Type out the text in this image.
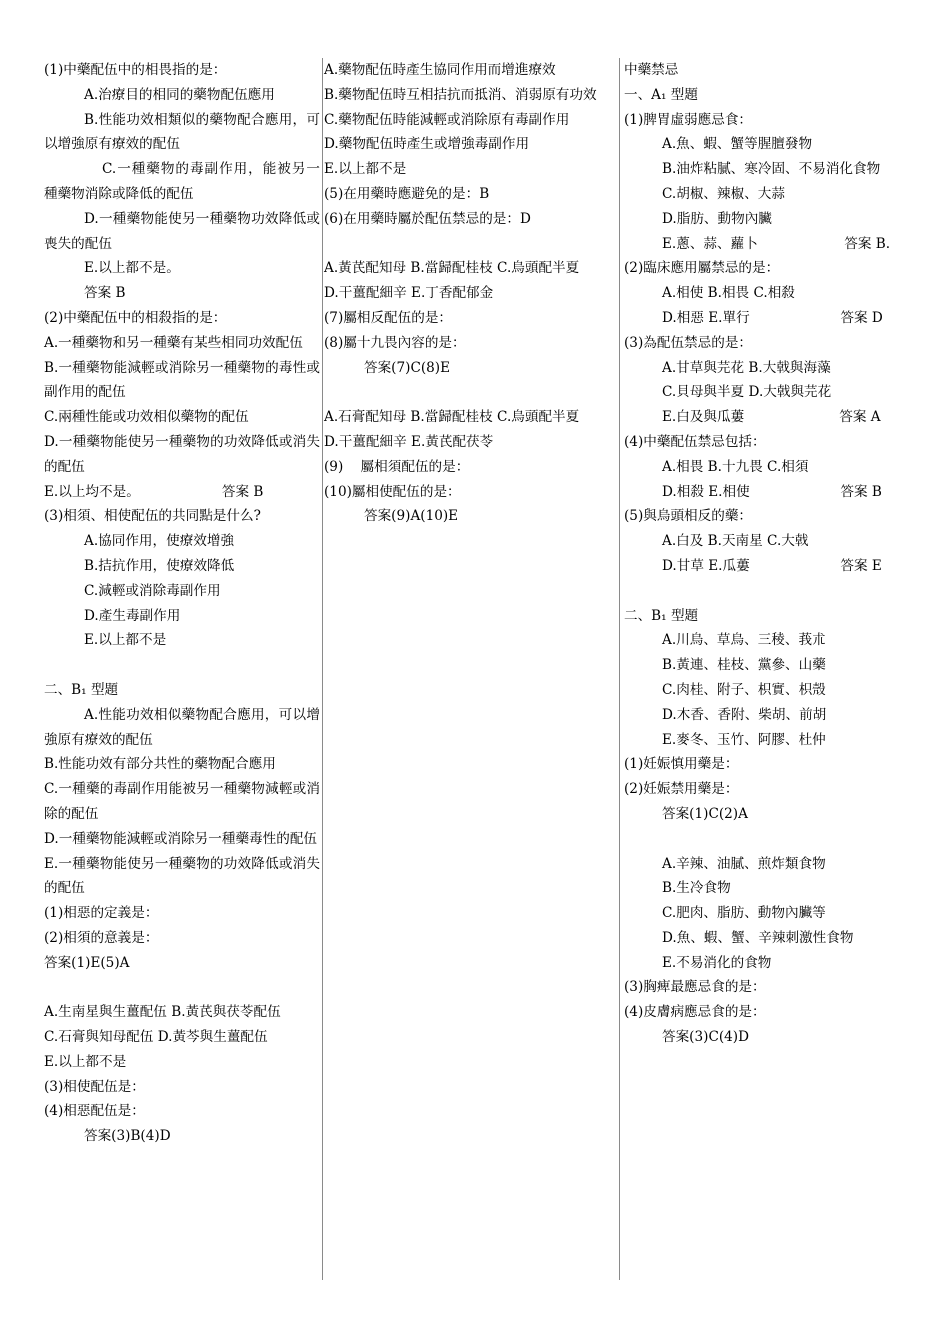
(1)中藥配伍中的相畏指的是：
A.治療目的相同的藥物配伍應用
B.性能功效相類似的藥物配合應用，可以增強原有療效的配伍
C.一種藥物的毒副作用，能被另一種藥物消除或降低的配伍
D.一種藥物能使另一種藥物功效降低或喪失的配伍
E.以上都不是。
答案 B
(2)中藥配伍中的相殺指的是：
A.一種藥物和另一種藥有某些相同功效配伍
B.一種藥物能減輕或消除另一種藥物的毒性或副作用的配伍
C.兩種性能或功效相似藥物的配伍
D.一種藥物能使另一種藥物的功效降低或消失的配伍
E.以上均不是。                   答案 B
(3)相須、相使配伍的共同點是什么?
A.協同作用，使療效增強
B.拮抗作用，使療效降低
C.減輕或消除毒副作用
D.產生毒副作用
E.以上都不是
二、B₁ 型題
A.性能功效相似藥物配合應用，可以增強原有療效的配伍
B.性能功效有部分共性的藥物配合應用
C.一種藥的毒副作用能被另一種藥物減輕或消除的配伍
D.一種藥物能減輕或消除另一種藥毒性的配伍
E.一種藥物能使另一種藥物的功效降低或消失的配伍
(1)相惡的定義是：
(2)相須的意義是：
答案(1)E(5)A
A.生南星與生薑配伍 B.黃芪與茯苓配伍
C.石膏與知母配伍 D.黃芩與生薑配伍
E.以上都不是
(3)相使配伍是：
(4)相惡配伍是：
答案(3)B(4)D
A.藥物配伍時產生協同作用而增進療效
B.藥物配伍時互相拮抗而抵消、消弱原有功效
C.藥物配伍時能減輕或消除原有毒副作用
D.藥物配伍時產生或增強毒副作用
E.以上都不是
(5)在用藥時應避免的是：B
(6)在用藥時屬於配伍禁忌的是：D
A.黃芪配知母 B.當歸配桂枝 C.烏頭配半夏
D.干薑配細辛 E.丁香配郁金
(7)屬相反配伍的是：
(8)屬十九畏內容的是：
答案(7)C(8)E
A.石膏配知母 B.當歸配桂枝 C.烏頭配半夏
D.干薑配細辛 E.黃芪配茯苓
(9)    屬相須配伍的是：
(10)屬相使配伍的是：
答案(9)A(10)E
中藥禁忌
一、A₁ 型題
(1)脾胃虛弱應忌食：
A.魚、蝦、蟹等腥膻發物
B.油炸粘膩、寒冷固、不易消化食物
C.胡椒、辣椒、大蒜
D.脂肪、動物內臟
E.蔥、蒜、蘿卜                    答案 B.
(2)臨床應用屬禁忌的是：
A.相使 B.相畏 C.相殺
D.相惡 E.單行                     答案 D
(3)為配伍禁忌的是：
A.甘草與芫花 B.大戟與海藻
C.貝母與半夏 D.大戟與芫花
E.白及與瓜蔞                      答案 A
(4)中藥配伍禁忌包括：
A.相畏 B.十九畏 C.相須
D.相殺 E.相使                     答案 B
(5)與烏頭相反的藥：
A.白及 B.天南星 C.大戟
D.甘草 E.瓜蔞                     答案 E
二、B₁ 型題
A.川烏、草烏、三稜、莪朮
B.黃連、桂枝、黨參、山藥
C.肉桂、附子、枳實、枳殼
D.木香、香附、柴胡、前胡
E.麥冬、玉竹、阿膠、杜仲
(1)妊娠慎用藥是：
(2)妊娠禁用藥是：
答案(1)C(2)A
A.辛辣、油膩、煎炸類食物
B.生冷食物
C.肥肉、脂肪、動物內臟等
D.魚、蝦、蟹、辛辣刺激性食物
E.不易消化的食物
(3)胸痺最應忌食的是：
(4)皮膚病應忌食的是：
答案(3)C(4)D
